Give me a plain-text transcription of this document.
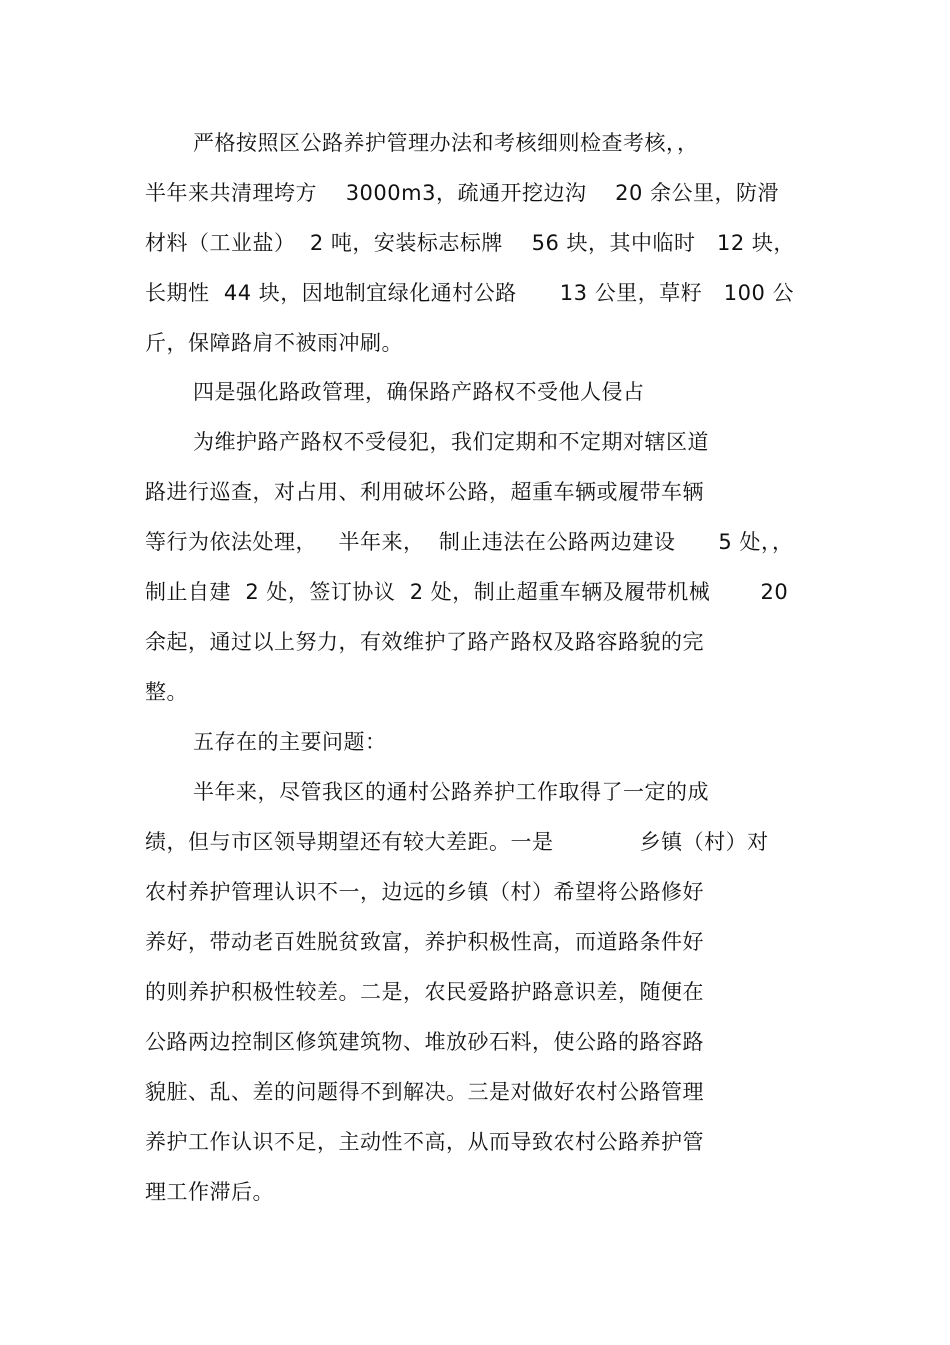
严格按照区公路养护管理办法和考核细则检查考核，，
半年来共清理垮方    3000m3，疏通开挖边沟    20 余公里，防滑
材料（工业盐）  2 吨，安装标志标牌    56 块，其中临时   12 块，
长期性  44 块，因地制宜绿化通村公路      13 公里，草籽   100 公
斤，保障路肩不被雨冲刷。
四是强化路政管理，确保路产路权不受他人侵占
为维护路产路权不受侵犯，我们定期和不定期对辖区道
路进行巡查，对占用、利用破坏公路，超重车辆或履带车辆
等行为依法处理，   半年来，  制止违法在公路两边建设      5 处，，
制止自建  2 处，签订协议  2 处，制止超重车辆及履带机械       20
余起，通过以上努力，有效维护了路产路权及路容路貌的完
整。
五存在的主要问题：
半年来，尽管我区的通村公路养护工作取得了一定的成
绩，但与市区领导期望还有较大差距。一是            乡镇（村）对
农村养护管理认识不一，边远的乡镇（村）希望将公路修好
养好，带动老百姓脱贫致富，养护积极性高，而道路条件好
的则养护积极性较差。二是，农民爱路护路意识差，随便在
公路两边控制区修筑建筑物、堆放砂石料，使公路的路容路
貌脏、乱、差的问题得不到解决。三是对做好农村公路管理
养护工作认识不足，主动性不高，从而导致农村公路养护管
理工作滞后。
